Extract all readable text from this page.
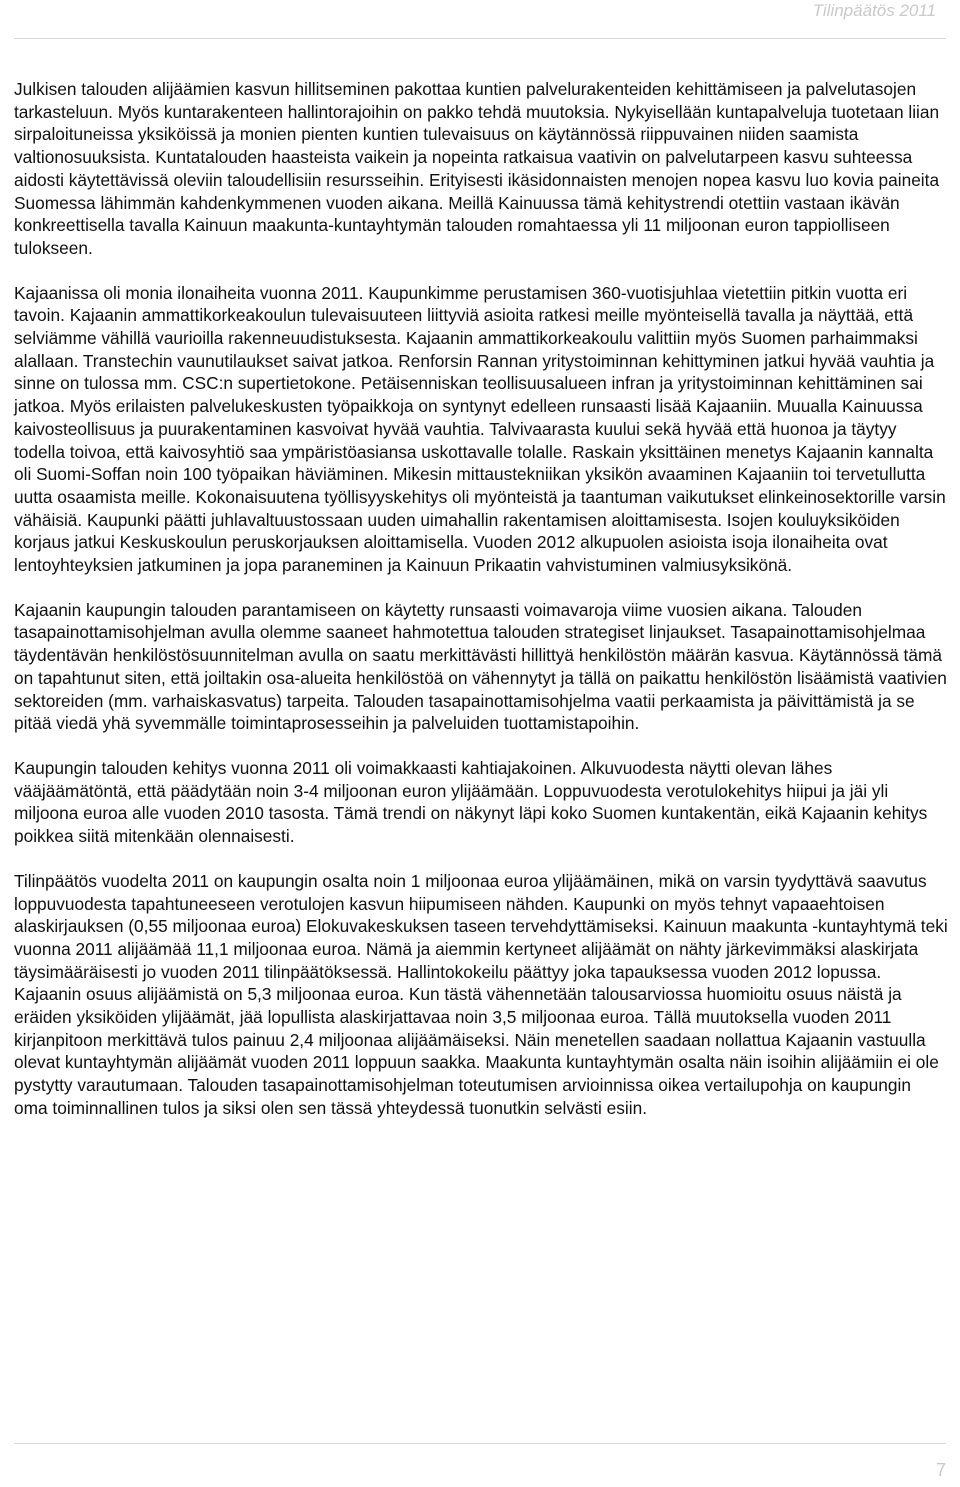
Tilinpäätös 2011

Julkisen talouden alijäämien kasvun hillitseminen pakottaa kuntien palvelurakenteiden kehittämiseen ja palvelutasojen tarkasteluun. Myös kuntarakenteen hallintorajoihin on pakko tehdä muutoksia. Nykyisellään kuntapalveluja tuotetaan liian sirpaloituneissa yksiköissä ja monien pienten kuntien tulevaisuus on käytännössä riippuvainen niiden saamista valtionosuuksista. Kuntatalouden haasteista vaikein ja nopeinta ratkaisua vaativin on palvelutarpeen kasvu suhteessa aidosti käytettävissä oleviin taloudellisiin resursseihin. Erityisesti ikäsidonnaisten menojen nopea kasvu luo kovia paineita Suomessa lähimmän kahdenkymmenen vuoden aikana. Meillä Kainuussa tämä kehitystrendi otettiin vastaan ikävän konkreettisella tavalla Kainuun maakunta-kuntayhtymän talouden romahtaessa yli 11 miljoonan euron tappiolliseen tulokseen.

Kajaanissa oli monia ilonaiheita vuonna 2011. Kaupunkimme perustamisen 360-vuotisjuhlaa vietettiin pitkin vuotta eri tavoin. Kajaanin ammattikorkeakoulun tulevaisuuteen liittyviä asioita ratkesi meille myönteisellä tavalla ja näyttää, että selviämme vähillä vaurioilla rakenneuudistuksesta. Kajaanin ammattikorkeakoulu valittiin myös Suomen parhaimmaksi alallaan. Transtechin vaunutilaukset saivat jatkoa. Renforsin Rannan yritystoiminnan kehittyminen jatkui hyvää vauhtia ja sinne on tulossa mm. CSC:n supertietokone. Petäisenniskan teollisuusalueen infran ja yritystoiminnan kehittäminen sai jatkoa. Myös erilaisten palvelukeskusten työpaikkoja on syntynyt edelleen runsaasti lisää Kajaaniin. Muualla Kainuussa kaivosteollisuus ja puurakentaminen kasvoivat hyvää vauhtia. Talvivaarasta kuului sekä hyvää että huonoa ja täytyy todella toivoa, että kaivosyhtiö saa ympäristöasiansa uskottavalle tolalle. Raskain yksittäinen menetys Kajaanin kannalta oli Suomi-Soffan noin 100 työpaikan häviäminen. Mikesin mittaustekniikan yksikön avaaminen Kajaaniin toi tervetullutta uutta osaamista meille. Kokonaisuutena työllisyyskehitys oli myönteistä ja taantuman vaikutukset elinkeinosektorille varsin vähäisiä. Kaupunki päätti juhlavaltuustossaan uuden uimahallin rakentamisen aloittamisesta. Isojen kouluyksiköiden korjaus jatkui Keskuskoulun peruskorjauksen aloittamisella. Vuoden 2012 alkupuolen asioista isoja ilonaiheita ovat lentoyhteyksien jatkuminen ja jopa paraneminen ja Kainuun Prikaatin vahvistuminen valmiusyksikönä.

Kajaanin kaupungin talouden parantamiseen on käytetty runsaasti voimavaroja viime vuosien aikana. Talouden tasapainottamisohjelman avulla olemme saaneet hahmotettua talouden strategiset linjaukset. Tasapainottamisohjelmaa täydentävän henkilöstösuunnitelman avulla on saatu merkittävästi hillittyä henkilöstön määrän kasvua. Käytännössä tämä on tapahtunut siten, että joiltakin osa-alueita henkilöstöä on vähennytyt ja tällä on paikattu henkilöstön lisäämistä vaativien sektoreiden (mm. varhaiskasvatus) tarpeita. Talouden tasapainottamisohjelma vaatii perkaamista ja päivittämistä ja se pitää viedä yhä syvemmälle toimintaprosesseihin ja palveluiden tuottamistapoihin.

Kaupungin talouden kehitys vuonna 2011 oli voimakkaasti kahtiajakoinen. Alkuvuodesta näytti olevan lähes vääjäämätöntä, että päädytään noin 3-4 miljoonan euron ylijäämään. Loppuvuodesta verotulokehitys hiipui ja jäi yli miljoona euroa alle vuoden 2010 tasosta. Tämä trendi on näkynyt läpi koko Suomen kuntakentän, eikä Kajaanin kehitys poikkea siitä mitenkään olennaisesti.

Tilinpäätös vuodelta 2011 on kaupungin osalta noin 1 miljoonaa euroa ylijäämäinen, mikä on varsin tyydyttävä saavutus loppuvuodesta tapahtuneeseen verotulojen kasvun hiipumiseen nähden. Kaupunki on myös tehnyt vapaaehtoisen alaskirjauksen (0,55 miljoonaa euroa) Elokuvakeskuksen taseen tervehdyttämiseksi. Kainuun maakunta -kuntayhtymä teki vuonna 2011 alijäämää 11,1 miljoonaa euroa. Nämä ja aiemmin kertyneet alijäämät on nähty järkevimmäksi alaskirjata täysimääräisesti jo vuoden 2011 tilinpäätöksessä. Hallintokokeilu päättyy joka tapauksessa vuoden 2012 lopussa. Kajaanin osuus alijäämistä on 5,3 miljoonaa euroa. Kun tästä vähennetään talousarviossa huomioitu osuus näistä ja eräiden yksiköiden ylijäämät, jää lopullista alaskirjattavaa noin 3,5 miljoonaa euroa. Tällä muutoksella vuoden 2011 kirjanpitoon merkittävä tulos painuu 2,4 miljoonaa alijäämäiseksi. Näin menetellen saadaan nollattua Kajaanin vastuulla olevat kuntayhtymän alijäämät vuoden 2011 loppuun saakka. Maakunta kuntayhtymän osalta näin isoihin alijäämiin ei ole pystytty varautumaan. Talouden tasapainottamisohjelman toteutumisen arvioinnissa oikea vertailupohja on kaupungin oma toiminnallinen tulos ja siksi olen sen tässä yhteydessä tuonutkin selvästi esiin.

7
